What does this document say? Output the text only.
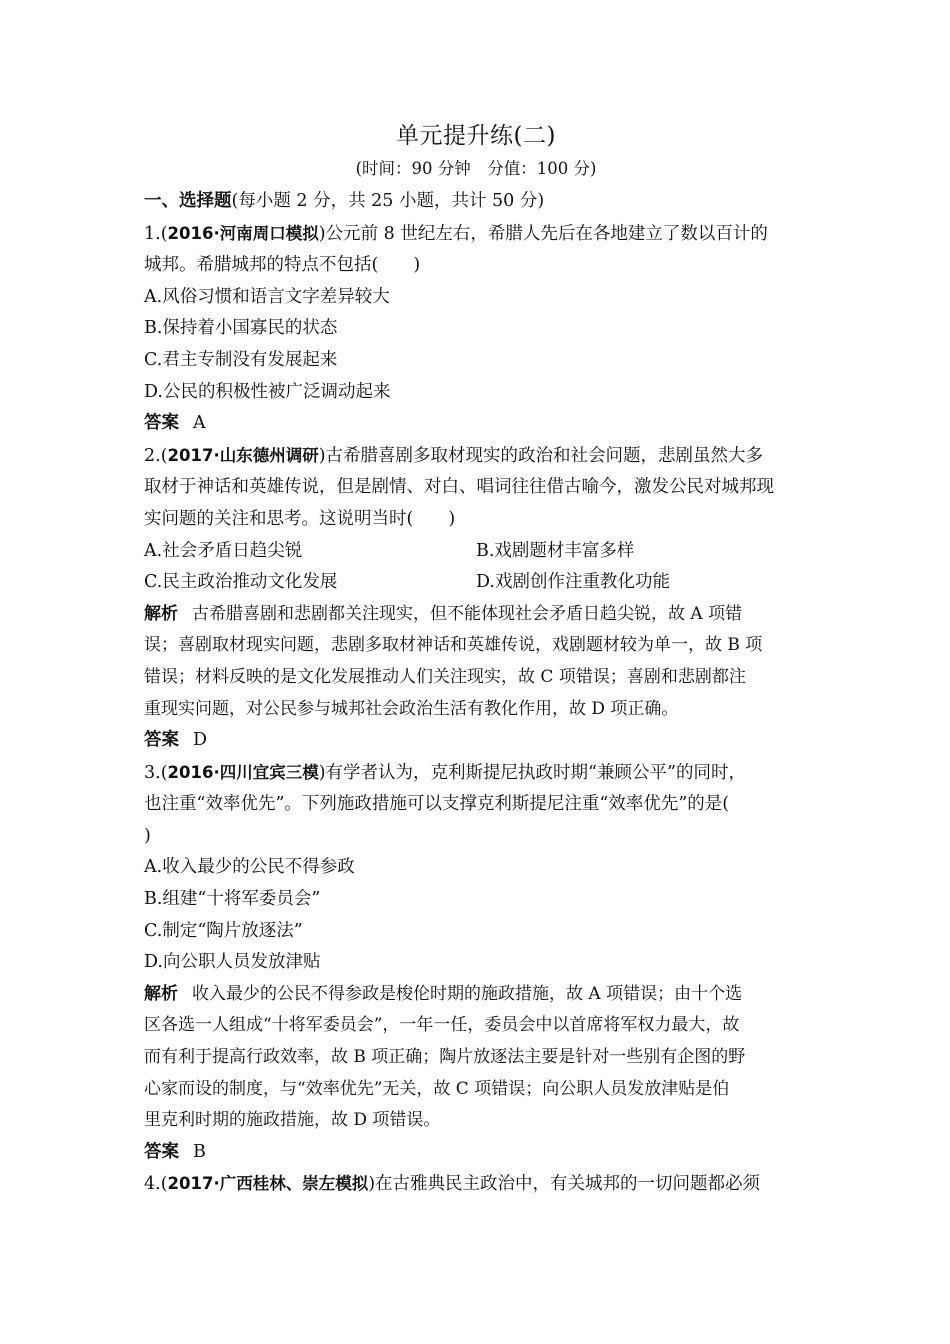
单元提升练(二)

(时间：90 分钟　分值：100 分)

一、选择题(每小题 2 分，共 25 小题，共计 50 分)

1.(2016·河南周口模拟)公元前 8 世纪左右，希腊人先后在各地建立了数以百计的

城邦。希腊城邦的特点不包括(　　)

A.风俗习惯和语言文字差异较大

B.保持着小国寡民的状态

C.君主专制没有发展起来

D.公民的积极性被广泛调动起来

答案 A

2.(2017·山东德州调研)古希腊喜剧多取材现实的政治和社会问题，悲剧虽然大多

取材于神话和英雄传说，但是剧情、对白、唱词往往借古喻今，激发公民对城邦现

实问题的关注和思考。这说明当时(　　)

A.社会矛盾日趋尖锐	B.戏剧题材丰富多样
C.民主政治推动文化发展	D.戏剧创作注重教化功能

解析 古希腊喜剧和悲剧都关注现实，但不能体现社会矛盾日趋尖锐，故 A 项错

误；喜剧取材现实问题，悲剧多取材神话和英雄传说，戏剧题材较为单一，故 B 项

错误；材料反映的是文化发展推动人们关注现实，故 C 项错误；喜剧和悲剧都注

重现实问题，对公民参与城邦社会政治生活有教化作用，故 D 项正确。

答案 D

3.(2016·四川宜宾三模)有学者认为，克利斯提尼执政时期“兼顾公平”的同时，

也注重“效率优先”。下列施政措施可以支撑克利斯提尼注重“效率优先”的是(

)

A.收入最少的公民不得参政

B.组建“十将军委员会”

C.制定“陶片放逐法”

D.向公职人员发放津贴

解析 收入最少的公民不得参政是梭伦时期的施政措施，故 A 项错误；由十个选

区各选一人组成“十将军委员会”，一年一任，委员会中以首席将军权力最大，故

而有利于提高行政效率，故 B 项正确；陶片放逐法主要是针对一些别有企图的野

心家而设的制度，与“效率优先”无关，故 C 项错误；向公职人员发放津贴是伯

里克利时期的施政措施，故 D 项错误。

答案 B

4.(2017·广西桂林、崇左模拟)在古雅典民主政治中，有关城邦的一切问题都必须
